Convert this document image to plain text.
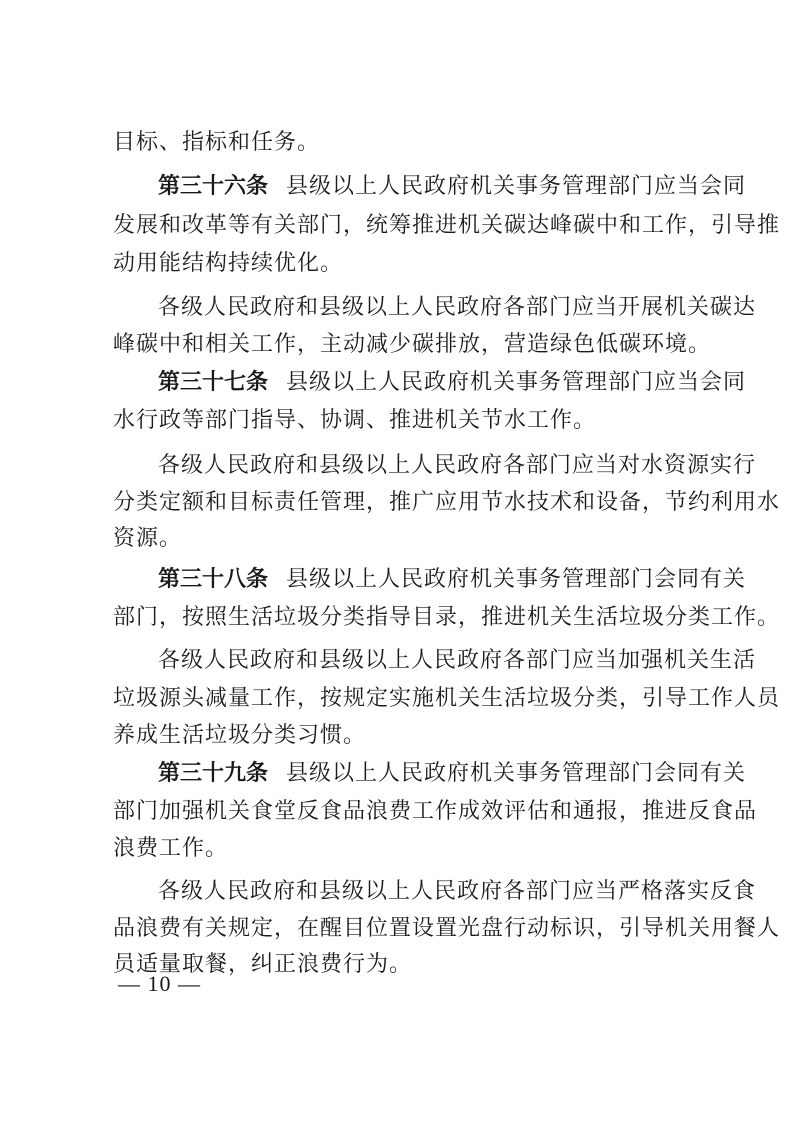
目标、指标和任务。
第三十六条 县级以上人民政府机关事务管理部门应当会同
发展和改革等有关部门，统筹推进机关碳达峰碳中和工作，引导推
动用能结构持续优化。
各级人民政府和县级以上人民政府各部门应当开展机关碳达
峰碳中和相关工作，主动减少碳排放，营造绿色低碳环境。
第三十七条 县级以上人民政府机关事务管理部门应当会同
水行政等部门指导、协调、推进机关节水工作。
各级人民政府和县级以上人民政府各部门应当对水资源实行
分类定额和目标责任管理，推广应用节水技术和设备，节约利用水
资源。
第三十八条 县级以上人民政府机关事务管理部门会同有关
部门，按照生活垃圾分类指导目录，推进机关生活垃圾分类工作。
各级人民政府和县级以上人民政府各部门应当加强机关生活
垃圾源头减量工作，按规定实施机关生活垃圾分类，引导工作人员
养成生活垃圾分类习惯。
第三十九条 县级以上人民政府机关事务管理部门会同有关
部门加强机关食堂反食品浪费工作成效评估和通报，推进反食品
浪费工作。
各级人民政府和县级以上人民政府各部门应当严格落实反食
品浪费有关规定，在醒目位置设置光盘行动标识，引导机关用餐人
员适量取餐，纠正浪费行为。
— 10 —
